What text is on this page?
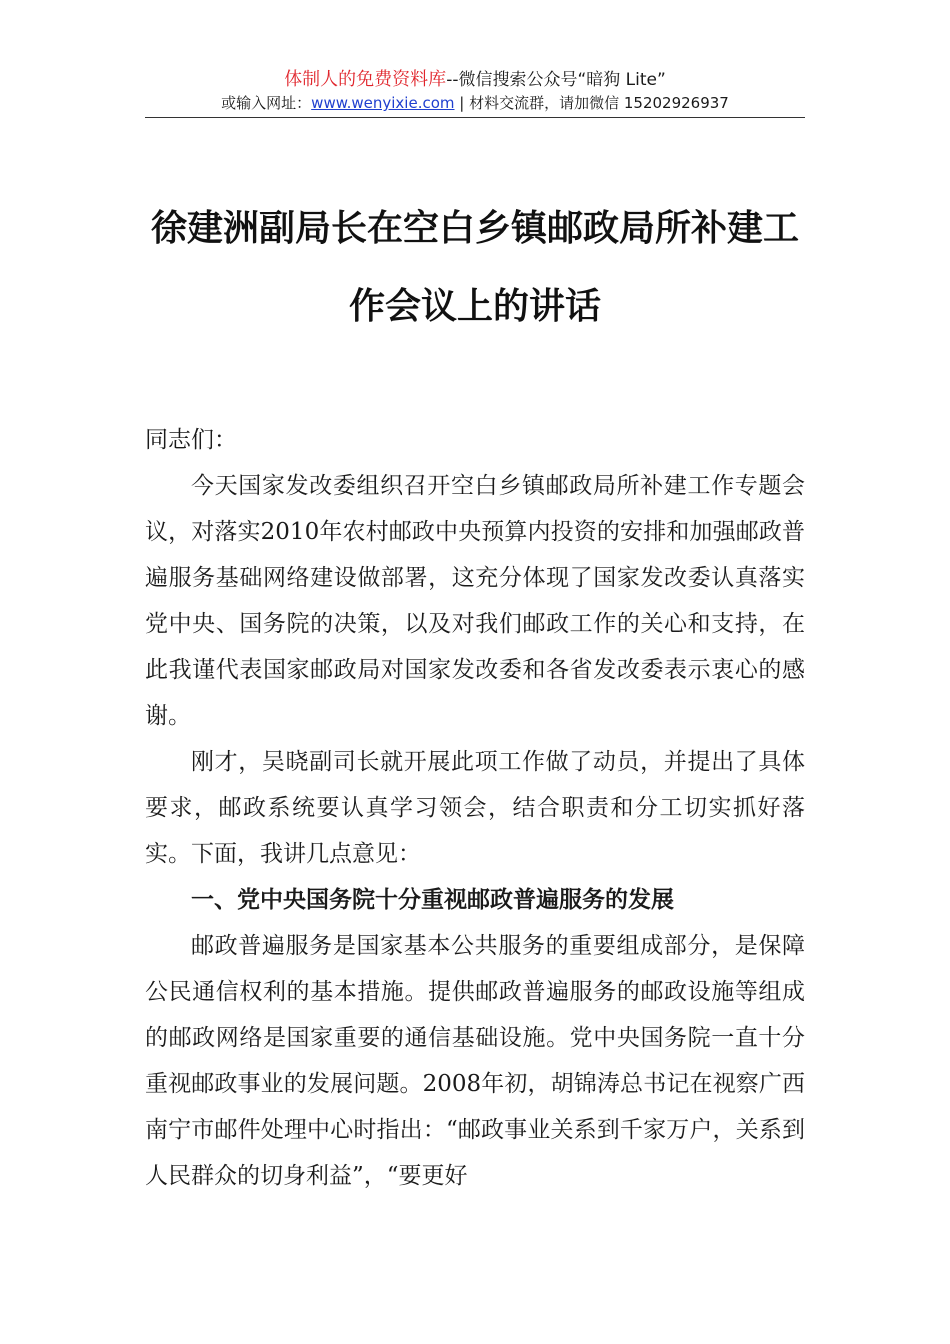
体制人的免费资料库--微信搜索公众号“暗狗 Lite”
或输入网址：www.wenyixie.com | 材料交流群，请加微信 15202926937
徐建洲副局长在空白乡镇邮政局所补建工
作会议上的讲话

同志们：

今天国家发改委组织召开空白乡镇邮政局所补建工作专题会议，对落实2010年农村邮政中央预算内投资的安排和加强邮政普遍服务基础网络建设做部署，这充分体现了国家发改委认真落实党中央、国务院的决策，以及对我们邮政工作的关心和支持，在此我谨代表国家邮政局对国家发改委和各省发改委表示衷心的感谢。

刚才，吴晓副司长就开展此项工作做了动员，并提出了具体要求，邮政系统要认真学习领会，结合职责和分工切实抓好落实。下面，我讲几点意见：

一、党中央国务院十分重视邮政普遍服务的发展

邮政普遍服务是国家基本公共服务的重要组成部分，是保障公民通信权利的基本措施。提供邮政普遍服务的邮政设施等组成的邮政网络是国家重要的通信基础设施。党中央国务院一直十分重视邮政事业的发展问题。2008年初，胡锦涛总书记在视察广西南宁市邮件处理中心时指出：“邮政事业关系到千家万户，关系到人民群众的切身利益”，“要更好
